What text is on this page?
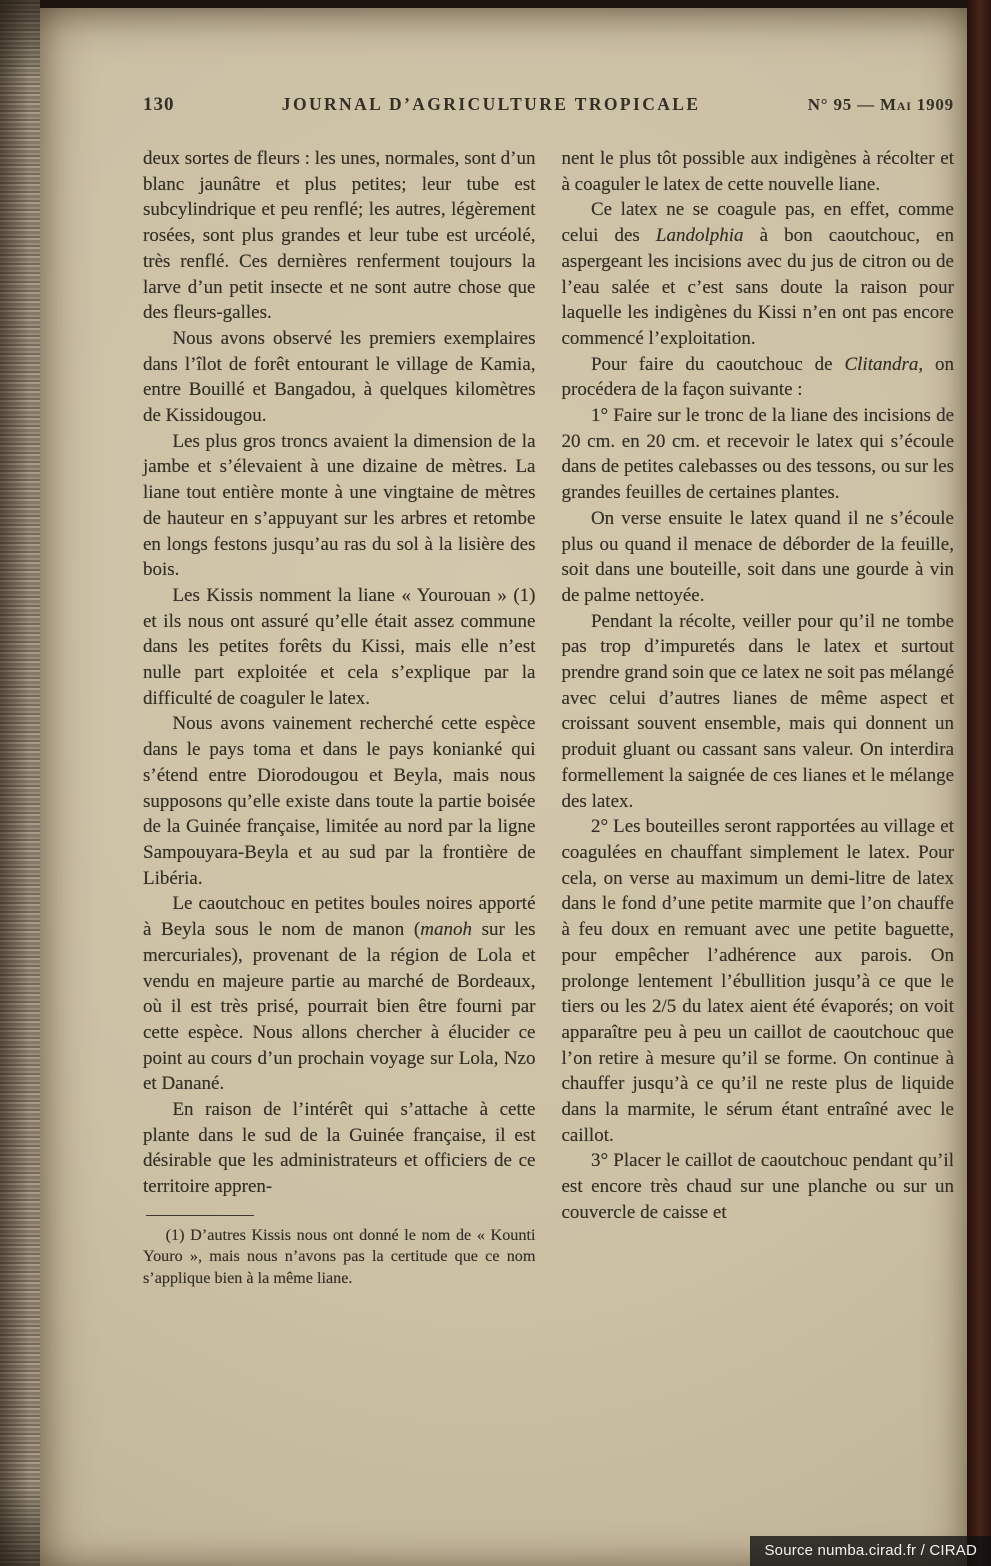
130	JOURNAL D’AGRICULTURE TROPICALE	N° 95 — Mai 1909

deux sortes de fleurs : les unes, normales, sont d’un blanc jaunâtre et plus petites; leur tube est subcylindrique et peu renflé; les autres, légèrement rosées, sont plus grandes et leur tube est urcéolé, très renflé. Ces dernières renferment toujours la larve d’un petit insecte et ne sont autre chose que des fleurs-galles.

Nous avons observé les premiers exemplaires dans l’îlot de forêt entourant le village de Kamia, entre Bouillé et Bangadou, à quelques kilomètres de Kissidougou.

Les plus gros troncs avaient la dimension de la jambe et s’élevaient à une dizaine de mètres. La liane tout entière monte à une vingtaine de mètres de hauteur en s’appuyant sur les arbres et retombe en longs festons jusqu’au ras du sol à la lisière des bois.

Les Kissis nomment la liane « Yourouan » (1) et ils nous ont assuré qu’elle était assez commune dans les petites forêts du Kissi, mais elle n’est nulle part exploitée et cela s’explique par la difficulté de coaguler le latex.

Nous avons vainement recherché cette espèce dans le pays toma et dans le pays konianké qui s’étend entre Diorodougou et Beyla, mais nous supposons qu’elle existe dans toute la partie boisée de la Guinée française, limitée au nord par la ligne Sampouyara-Beyla et au sud par la frontière de Libéria.

Le caoutchouc en petites boules noires apporté à Beyla sous le nom de manon (manoh sur les mercuriales), provenant de la région de Lola et vendu en majeure partie au marché de Bordeaux, où il est très prisé, pourrait bien être fourni par cette espèce. Nous allons chercher à élucider ce point au cours d’un prochain voyage sur Lola, Nzo et Danané.

En raison de l’intérêt qui s’attache à cette plante dans le sud de la Guinée française, il est désirable que les administrateurs et officiers de ce territoire appren-

(1) D’autres Kissis nous ont donné le nom de « Kounti Youro », mais nous n’avons pas la certitude que ce nom s’applique bien à la même liane.

nent le plus tôt possible aux indigènes à récolter et à coaguler le latex de cette nouvelle liane.

Ce latex ne se coagule pas, en effet, comme celui des Landolphia à bon caoutchouc, en aspergeant les incisions avec du jus de citron ou de l’eau salée et c’est sans doute la raison pour laquelle les indigènes du Kissi n’en ont pas encore commencé l’exploitation.

Pour faire du caoutchouc de Clitandra, on procédera de la façon suivante :

1° Faire sur le tronc de la liane des incisions de 20 cm. en 20 cm. et recevoir le latex qui s’écoule dans de petites calebasses ou des tessons, ou sur les grandes feuilles de certaines plantes.

On verse ensuite le latex quand il ne s’écoule plus ou quand il menace de déborder de la feuille, soit dans une bouteille, soit dans une gourde à vin de palme nettoyée.

Pendant la récolte, veiller pour qu’il ne tombe pas trop d’impuretés dans le latex et surtout prendre grand soin que ce latex ne soit pas mélangé avec celui d’autres lianes de même aspect et croissant souvent ensemble, mais qui donnent un produit gluant ou cassant sans valeur. On interdira formellement la saignée de ces lianes et le mélange des latex.

2° Les bouteilles seront rapportées au village et coagulées en chauffant simplement le latex. Pour cela, on verse au maximum un demi-litre de latex dans le fond d’une petite marmite que l’on chauffe à feu doux en remuant avec une petite baguette, pour empêcher l’adhérence aux parois. On prolonge lentement l’ébullition jusqu’à ce que le tiers ou les 2/5 du latex aient été évaporés; on voit apparaître peu à peu un caillot de caoutchouc que l’on retire à mesure qu’il se forme. On continue à chauffer jusqu’à ce qu’il ne reste plus de liquide dans la marmite, le sérum étant entraîné avec le caillot.

3° Placer le caillot de caoutchouc pendant qu’il est encore très chaud sur une planche ou sur un couvercle de caisse et

Source numba.cirad.fr / CIRAD
